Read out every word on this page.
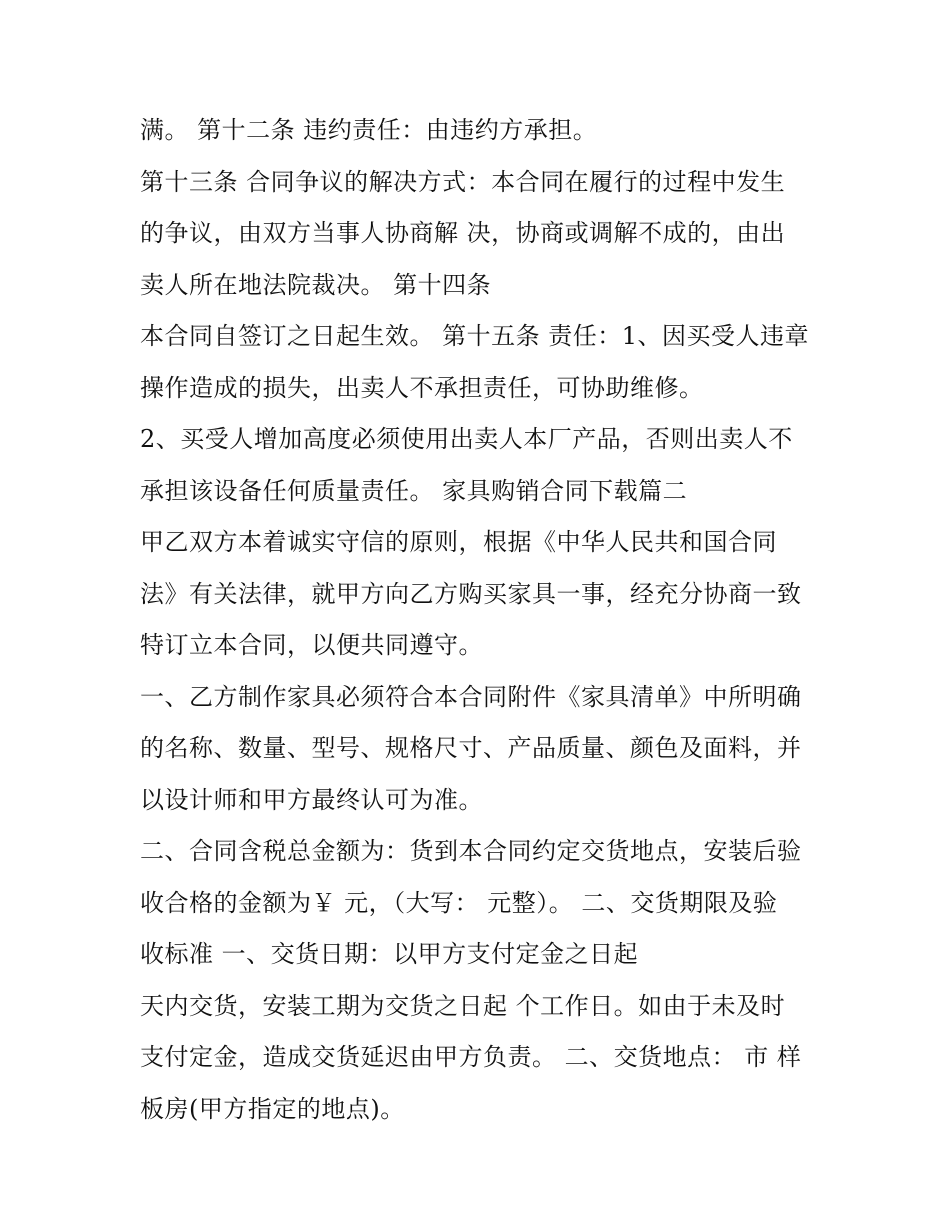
满。 第十二条 违约责任：由违约方承担。
第十三条 合同争议的解决方式：本合同在履行的过程中发生
的争议，由双方当事人协商解 决，协商或调解不成的，由出
卖人所在地法院裁决。 第十四条
本合同自签订之日起生效。 第十五条 责任：1、因买受人违章
操作造成的损失，出卖人不承担责任，可协助维修。
2、买受人增加高度必须使用出卖人本厂产品，否则出卖人不
承担该设备任何质量责任。 家具购销合同下载篇二
甲乙双方本着诚实守信的原则，根据《中华人民共和国合同
法》有关法律，就甲方向乙方购买家具一事，经充分协商一致
特订立本合同，以便共同遵守。
一、乙方制作家具必须符合本合同附件《家具清单》中所明确
的名称、数量、型号、规格尺寸、产品质量、颜色及面料，并
以设计师和甲方最终认可为准。
二、合同含税总金额为：货到本合同约定交货地点，安装后验
收合格的金额为￥ 元，（大写： 元整）。 二、交货期限及验
收标准 一、交货日期：以甲方支付定金之日起
天内交货，安装工期为交货之日起 个工作日。如由于未及时
支付定金，造成交货延迟由甲方负责。 二、交货地点： 市 样
板房(甲方指定的地点)。
